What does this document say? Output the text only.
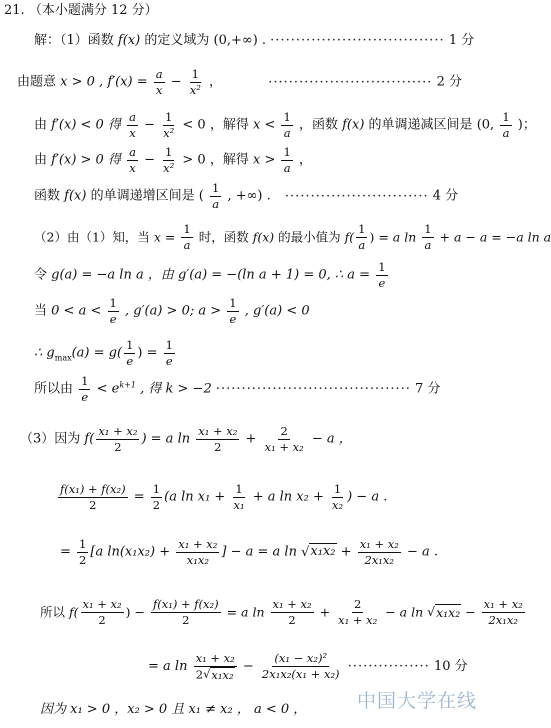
21. （本小题满分 12 分）
解：（1）函数 f(x) 的定义域为 (0,+∞) . ·································· 1 分
由题意 x > 0 , $f'(x) = \frac{a}{x} - \frac{1}{\text{x²}}$ ，	································ 2 分
由 f′(x) < 0 得 $\frac{a}{x} - \frac{1}{\text{x²}} < 0$ ，解得 $x < \frac{1}{a}$ ，函数 f(x) 的单调递减区间是 (0, $\frac{1}{a}$ )；
由 f′(x) > 0 得 $\frac{a}{x} - \frac{1}{\text{x²}} > 0$ ，解得 $x > \frac{1}{a}$ ，
函数 f(x) 的单调递增区间是 ( $\frac{1}{a}$ , +∞) . ···························· 4 分
（2）由（1）知，当 $x = \frac{1}{a}$ 时，函数 f(x) 的最小值为 $f( \frac{1}{a}$ ) = a $\ln \frac{1}{a} + a - a = -a$ ln a
令 g(a) = −a ln a ，由 g′(a) = −(ln a + 1) = 0, ∴ $a = \frac{1}{e}$
当 $0 < a < \frac{1}{e}$ , g′(a) > 0; $a > \frac{1}{e}$ , g′(a) < 0
∴ $g_{max}(a) = g( \frac{1}{e}$ ) = $\frac{1}{e}$
所以由 $\frac{1}{e} < e^{k+1}$ , 得 k > −2 ······································ 7 分
（3）因为 $f( \frac{\text{x₁ + x₂}}{2}$ ) = a $\ln \frac{\text{x₁ + x₂}}{2} + \frac{2}{\text{x₁ + x₂}} - a$ ，
$\frac{\text{f(x₁) + f(x₂)}}{2} = \frac{1}{2} (a$ $\ln x_1 + \frac{1}{\text{x₁}} + a$ $\ln x_2 + \frac{1}{\text{x₂}}$ ) − a .
= $\frac{1}{2} [a$ $\ln(x_1x_2) + \frac{\text{x₁ + x₂}}{\text{x₁x₂}}$ ] − a = a $\ln √x_1x_2 + \frac{\text{x₁ + x₂}}{\text{2x₁x₂}} - a$ .
所以 $f( \frac{\text{x₁ + x₂}}{2}$ ) − $\frac{\text{f(x₁) + f(x₂)}}{2} = a$ $\ln \frac{\text{x₁ + x₂}}{2} + \frac{2}{\text{x₁ + x₂}} - a$ $\ln √x_1x_2 - \frac{\text{x₁ + x₂}}{\text{2x₁x₂}}$
= a $\ln \frac{\text{x₁ + x₂}}{\text{2√x₁x₂}} - \frac{\text{(x₁ − x₂)²}}{\text{2x₁x₂(x₁ + x₂)}}$ ················ 10 分
因为 x₁ > 0 ，x₂ > 0 且 x₁ ≠ x₂ ， a < 0 ，	中国大学在线
